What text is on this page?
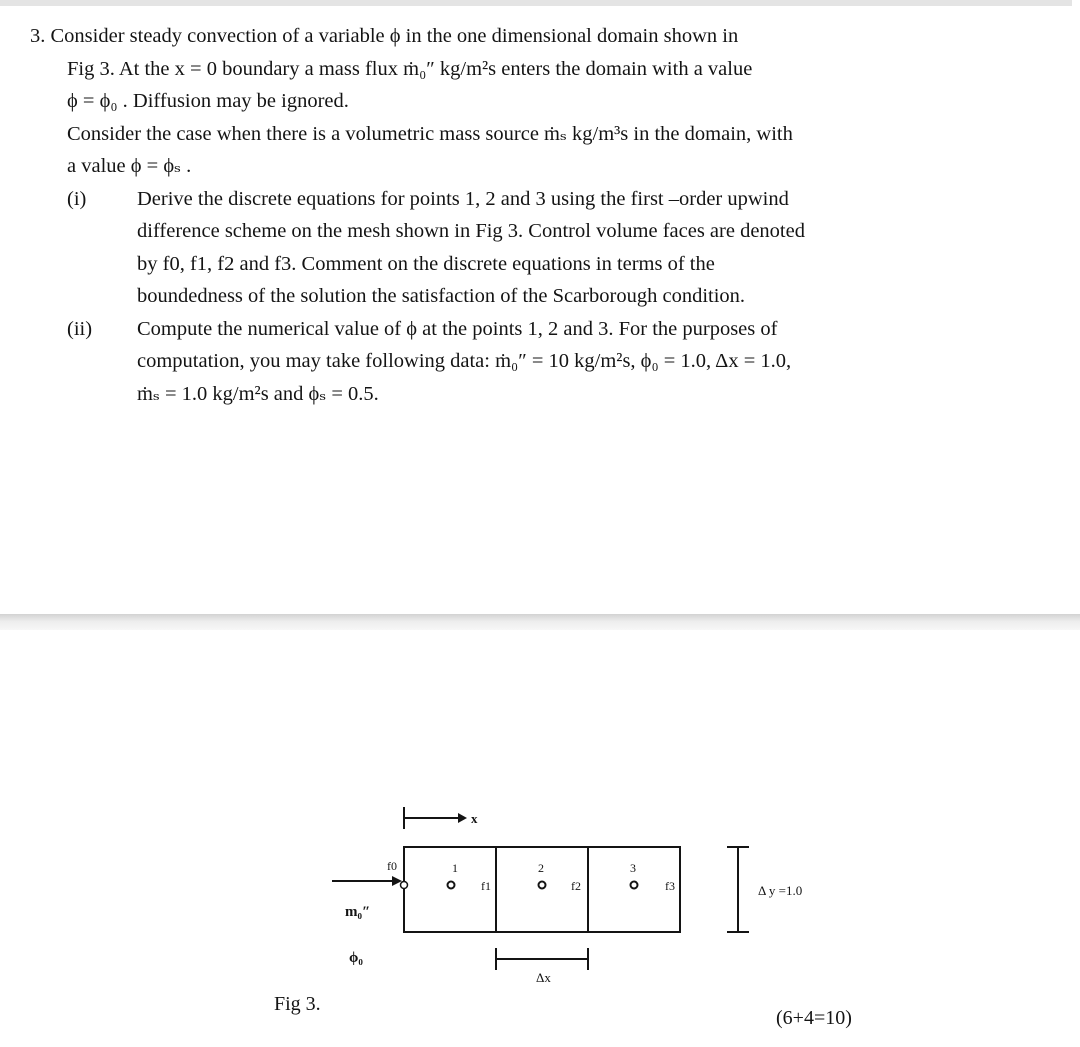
3. Consider steady convection of a variable ϕ in the one dimensional domain shown in
Fig 3. At the x = 0 boundary a mass flux ṁ₀″ kg/m²s enters the domain with a value
ϕ = ϕ₀ . Diffusion may be ignored.
Consider the case when there is a volumetric mass source ṁₛ kg/m³s in the domain, with
a value ϕ = ϕₛ .
(i)	Derive the discrete equations for points 1, 2 and 3 using the first –order upwind
difference scheme on the mesh shown in Fig 3. Control volume faces are denoted
by f0, f1, f2 and f3. Comment on the discrete equations in terms of the
boundedness of the solution the satisfaction of the Scarborough condition.
(ii)	Compute the numerical value of ϕ at the points 1, 2 and 3. For the purposes of
computation, you may take following data: ṁ₀″ = 10 kg/m²s, ϕ₀ = 1.0, Δx = 1.0,
ṁₛ = 1.0 kg/m²s and ϕₛ = 0.5.
x
f0
f1	f2	f3
1	2	3
m₀″
ϕ₀
Δx
Δ y =1.0
Fig 3.
(6+4=10)
